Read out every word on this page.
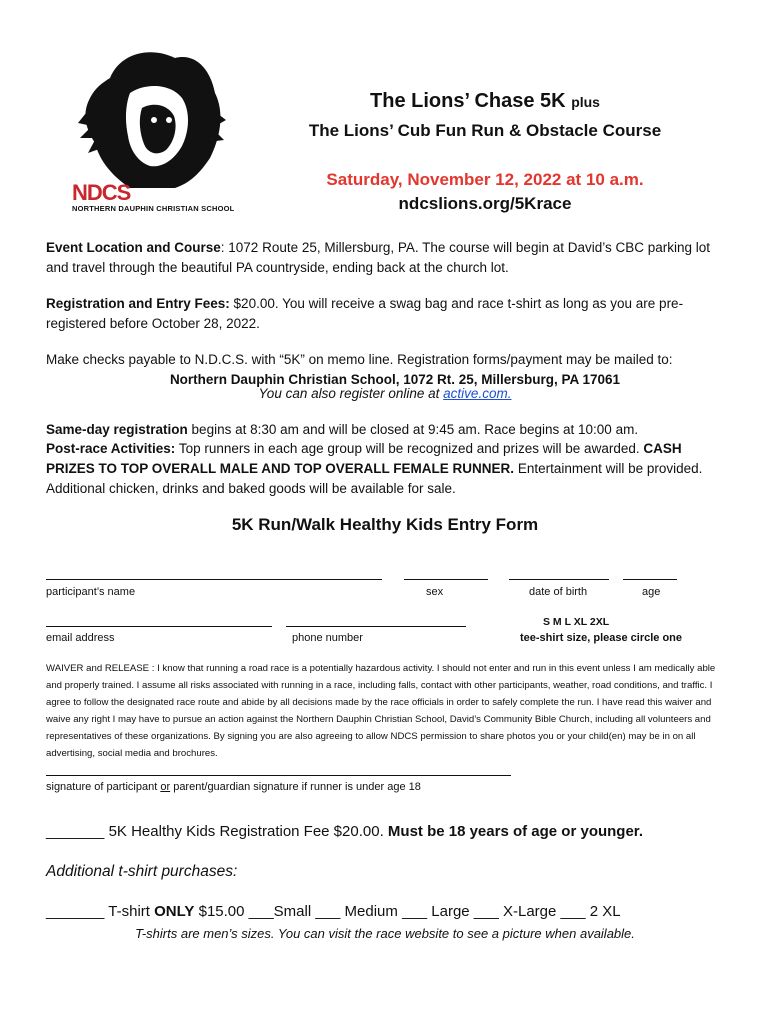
NDCS
NORTHERN DAUPHIN CHRISTIAN SCHOOL
The Lions’ Chase 5K plus
The Lions’ Cub Fun Run & Obstacle Course
Saturday, November 12, 2022 at 10 a.m.
ndcslions.org/5Krace
Event Location and Course: 1072 Route 25, Millersburg, PA. The course will begin at David’s CBC parking lot and travel through the beautiful PA countryside, ending back at the church lot.
Registration and Entry Fees: $20.00. You will receive a swag bag and race t-shirt as long as you are pre-registered before October 28, 2022.
Make checks payable to N.D.C.S. with “5K” on memo line. Registration forms/payment may be mailed to:
Northern Dauphin Christian School, 1072 Rt. 25, Millersburg, PA 17061
You can also register online at active.com.
Same-day registration begins at 8:30 am and will be closed at 9:45 am. Race begins at 10:00 am.
Post-race Activities: Top runners in each age group will be recognized and prizes will be awarded. CASH PRIZES TO TOP OVERALL MALE AND TOP OVERALL FEMALE RUNNER. Entertainment will be provided. Additional chicken, drinks and baked goods will be available for sale.
5K Run/Walk Healthy Kids Entry Form
participant’s name	sex	date of birth	age
S M L XL 2XL
email address	phone number	tee-shirt size, please circle one
WAIVER and RELEASE : I know that running a road race is a potentially hazardous activity. I should not enter and run in this event unless I am medically able and properly trained. I assume all risks associated with running in a race, including falls, contact with other participants, weather, road conditions, and traffic. I agree to follow the designated race route and abide by all decisions made by the race officials in order to safely complete the run. I have read this waiver and waive any right I may have to pursue an action against the Northern Dauphin Christian School, David’s Community Bible Church, including all volunteers and representatives of these organizations. By signing you are also agreeing to allow NDCS permission to share photos you or your child(en) may be in on all advertising, social media and brochures.
signature of participant or parent/guardian signature if runner is under age 18
_______ 5K Healthy Kids Registration Fee $20.00. Must be 18 years of age or younger.
Additional t-shirt purchases:
_______ T-shirt ONLY $15.00 ___Small ___ Medium ___ Large ___ X-Large ___ 2 XL
T-shirts are men’s sizes. You can visit the race website to see a picture when available.
